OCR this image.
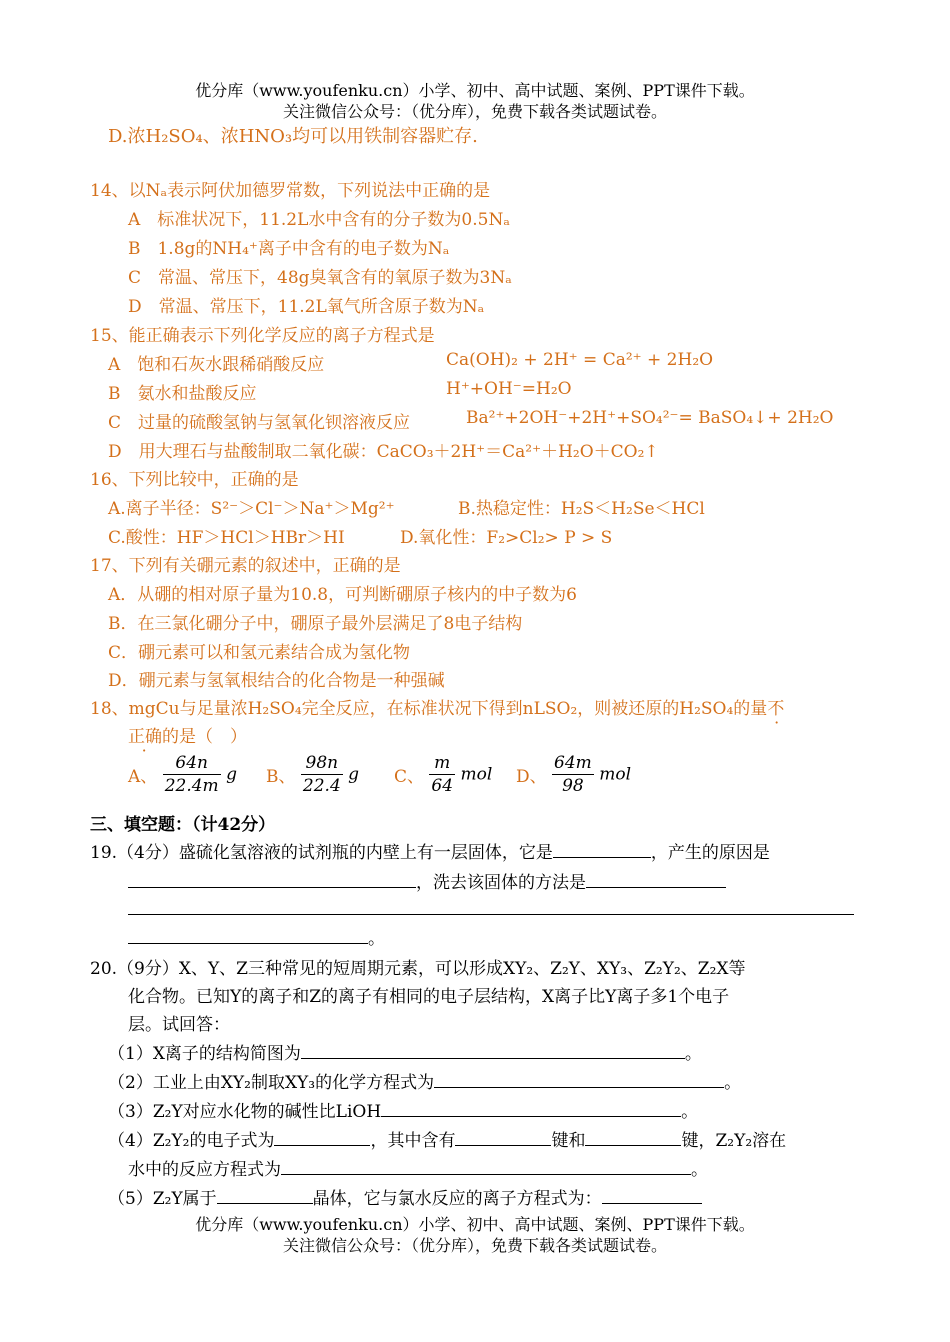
优分库（www.youfenku.cn）小学、初中、高中试题、案例、PPT课件下载。
关注微信公众号：（优分库），免费下载各类试题试卷。
D.浓H₂SO₄、浓HNO₃均可以用铁制容器贮存.
14、以Nₐ表示阿伏加德罗常数，下列说法中正确的是
A　标准状况下，11.2L水中含有的分子数为0.5Nₐ
B　1.8g的NH₄⁺离子中含有的电子数为Nₐ
C　常温、常压下，48g臭氧含有的氧原子数为3Nₐ
D　常温、常压下，11.2L氧气所含原子数为Nₐ
15、能正确表示下列化学反应的离子方程式是
A　饱和石灰水跟稀硝酸反应	Ca(OH)₂ + 2H⁺ = Ca²⁺ + 2H₂O
B　氨水和盐酸反应	H⁺+OH⁻=H₂O
C　过量的硫酸氢钠与氢氧化钡溶液反应	Ba²⁺+2OH⁻+2H⁺+SO₄²⁻= BaSO₄↓+ 2H₂O
D　用大理石与盐酸制取二氧化碳：CaCO₃＋2H⁺＝Ca²⁺＋H₂O＋CO₂↑
16、下列比较中，正确的是
A.离子半径：S²⁻＞Cl⁻＞Na⁺＞Mg²⁺	B.热稳定性：H₂S＜H₂Se＜HCl
C.酸性：HF＞HCl＞HBr＞HI	D.氧化性：F₂>Cl₂> P > S
17、下列有关硼元素的叙述中，正确的是
A．从硼的相对原子量为10.8，可判断硼原子核内的中子数为6
B．在三氯化硼分子中，硼原子最外层满足了8电子结构
C．硼元素可以和氢元素结合成为氢化物
D．硼元素与氢氧根结合的化合物是一种强碱
18、mgCu与足量浓H₂SO₄完全反应，在标准状况下得到nLSO₂，则被还原的H₂SO₄的量不
正确的是（　）
A、 $\frac{64n}{22.4m}$ g B、 $\frac{98n}{22.4}$ g C、 $\frac{m}{64}$ mol D、 $\frac{64m}{98}$ mol
三、填空题：（计42分）
19.（4分）盛硫化氢溶液的试剂瓶的内壁上有一层固体，它是	，产生的原因是
，洗去该固体的方法是
。
20.（9分）X、Y、Z三种常见的短周期元素，可以形成XY₂、Z₂Y、XY₃、Z₂Y₂、Z₂X等
化合物。已知Y的离子和Z的离子有相同的电子层结构，X离子比Y离子多1个电子
层。试回答：
（1）X离子的结构简图为	。
（2）工业上由XY₂制取XY₃的化学方程式为	。
（3）Z₂Y对应水化物的碱性比LiOH	。
（4）Z₂Y₂的电子式为	，其中含有	键和	键，Z₂Y₂溶在
水中的反应方程式为	。
（5）Z₂Y属于	晶体，它与氯水反应的离子方程式为：
优分库（www.youfenku.cn）小学、初中、高中试题、案例、PPT课件下载。
关注微信公众号：（优分库），免费下载各类试题试卷。
